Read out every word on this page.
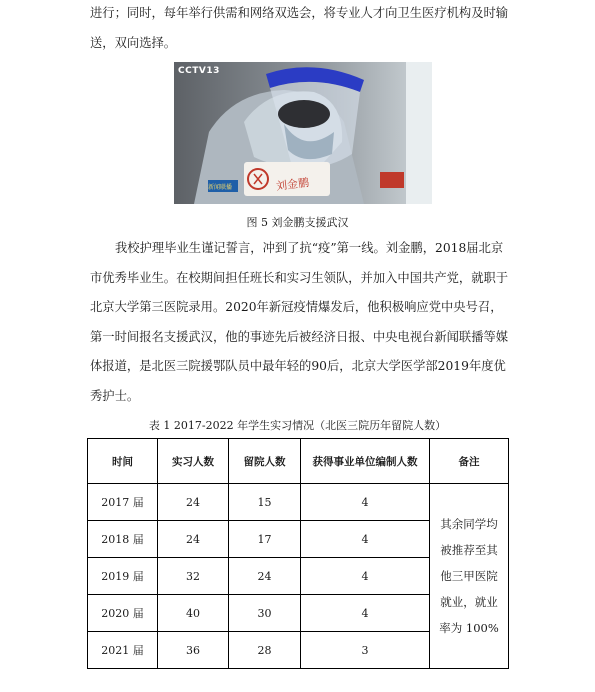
进行；同时，每年举行供需和网络双选会，将专业人才向卫生医疗机构及时输送，双向选择。

CCTV13
新闻联播	刘金鹏
图 5 刘金鹏支援武汉

我校护理毕业生谨记誓言，冲到了抗“疫”第一线。刘金鹏，2018届北京市优秀毕业生。在校期间担任班长和实习生领队，并加入中国共产党，就职于北京大学第三医院录用。2020年新冠疫情爆发后，他积极响应党中央号召，第一时间报名支援武汉，他的事迹先后被经济日报、中央电视台新闻联播等媒体报道，是北医三院援鄂队员中最年轻的90后，北京大学医学部2019年度优秀护士。

表 1 2017-2022 年学生实习情况（北医三院历年留院人数）
时间	实习人数	留院人数	获得事业单位编制人数	备注
2017 届	24	15	4	其余同学均被推荐至其他三甲医院就业，就业率为 100%
2018 届	24	17	4	
2019 届	32	24	4	
2020 届	40	30	4	
2021 届	36	28	3	
